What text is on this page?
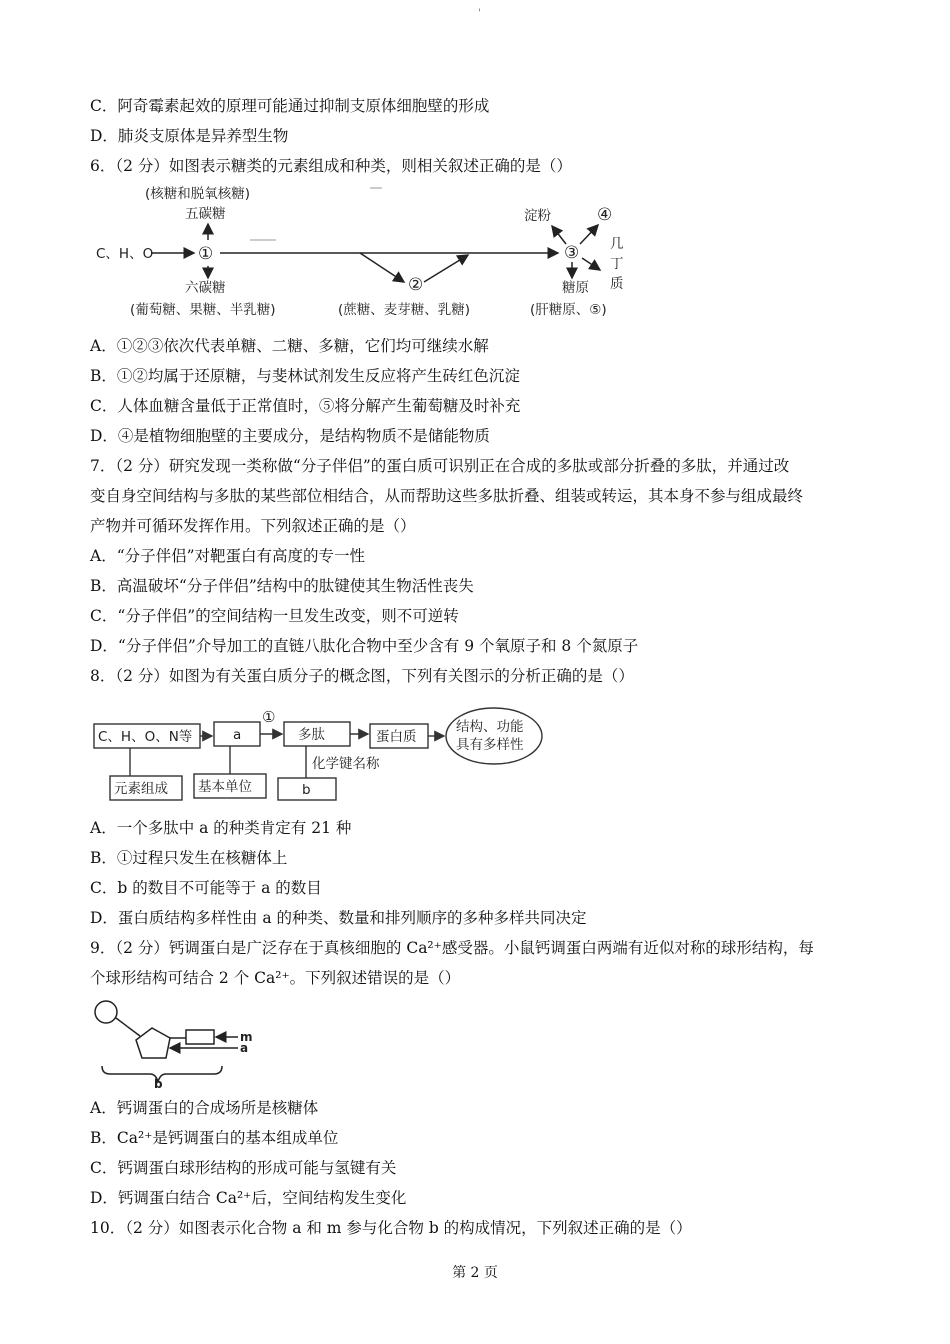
'
C．阿奇霉素起效的原理可能通过抑制支原体细胞壁的形成
D．肺炎支原体是异养型生物
6．（2 分）如图表示糖类的元素组成和种类，则相关叙述正确的是（）
(核糖和脱氧核糖)
五碳糖
C、H、O	①
六碳糖
(葡萄糖、果糖、半乳糖)
②
(蔗糖、麦芽糖、乳糖)
③
淀粉	④
糖原
(肝糖原、⑤)
几
丁
质
A．①②③依次代表单糖、二糖、多糖，它们均可继续水解
B．①②均属于还原糖，与斐林试剂发生反应将产生砖红色沉淀
C．人体血糖含量低于正常值时，⑤将分解产生葡萄糖及时补充
D．④是植物细胞壁的主要成分，是结构物质不是储能物质
7．（2 分）研究发现一类称做“分子伴侣”的蛋白质可识别正在合成的多肽或部分折叠的多肽，并通过改
变自身空间结构与多肽的某些部位相结合，从而帮助这些多肽折叠、组装或转运，其本身不参与组成最终
产物并可循环发挥作用。下列叙述正确的是（）
A．“分子伴侣”对靶蛋白有高度的专一性
B．高温破坏“分子伴侣”结构中的肽键使其生物活性丧失
C．“分子伴侣”的空间结构一旦发生改变，则不可逆转
D．“分子伴侣”介导加工的直链八肽化合物中至少含有 9 个氧原子和 8 个氮原子
8．（2 分）如图为有关蛋白质分子的概念图，下列有关图示的分析正确的是（）
C、H、O、N等	a
①
多肽	蛋白质
结构、功能
具有多样性
元素组成 基本单位
化学键名称
b
A．一个多肽中 a 的种类肯定有 21 种
B．①过程只发生在核糖体上
C．b 的数目不可能等于 a 的数目
D．蛋白质结构多样性由 a 的种类、数量和排列顺序的多种多样共同决定
9．（2 分）钙调蛋白是广泛存在于真核细胞的 Ca²⁺感受器。小鼠钙调蛋白两端有近似对称的球形结构，每
个球形结构可结合 2 个 Ca²⁺。下列叙述错误的是（）
m
a
b
A．钙调蛋白的合成场所是核糖体
B．Ca²⁺是钙调蛋白的基本组成单位
C．钙调蛋白球形结构的形成可能与氢键有关
D．钙调蛋白结合 Ca²⁺后，空间结构发生变化
10．（2 分）如图表示化合物 a 和 m 参与化合物 b 的构成情况，下列叙述正确的是（）
第 2 页
